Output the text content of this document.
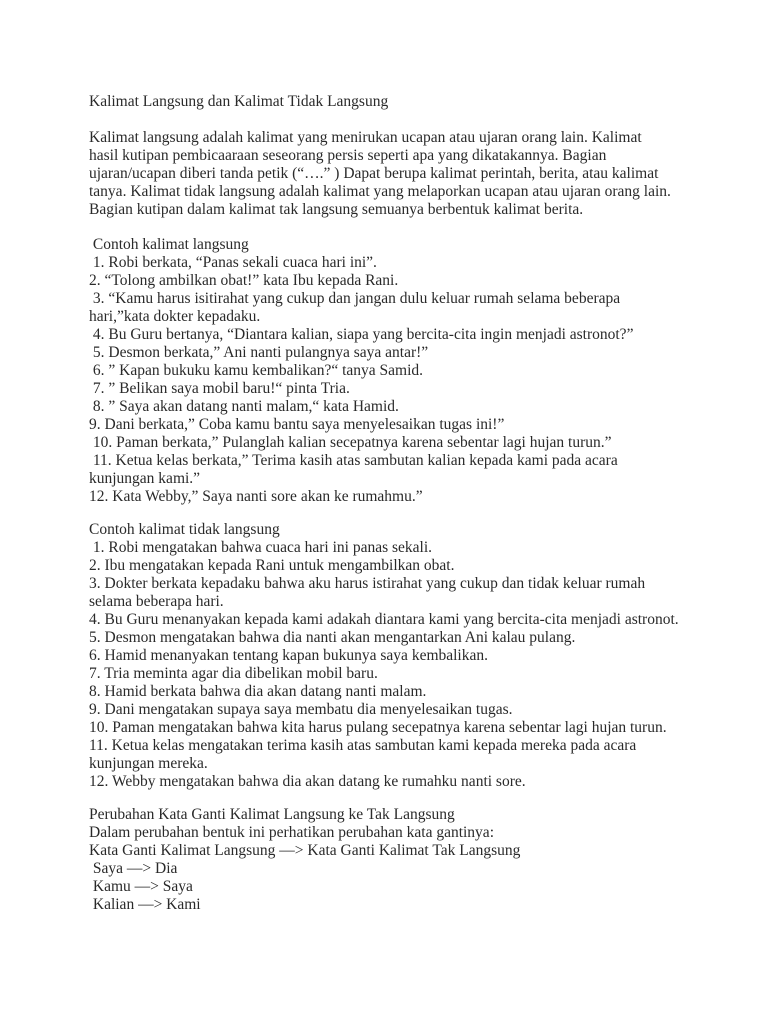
Kalimat Langsung dan Kalimat Tidak Langsung

Kalimat langsung adalah kalimat yang menirukan ucapan atau ujaran orang lain. Kalimat hasil kutipan pembicaaraan seseorang persis seperti apa yang dikatakannya. Bagian ujaran/ucapan diberi tanda petik (“….” ) Dapat berupa kalimat perintah, berita, atau kalimat tanya. Kalimat tidak langsung adalah kalimat yang melaporkan ucapan atau ujaran orang lain. Bagian kutipan dalam kalimat tak langsung semuanya berbentuk kalimat berita.

Contoh kalimat langsung

1. Robi berkata, “Panas sekali cuaca hari ini”.
2. “Tolong ambilkan obat!” kata Ibu kepada Rani.
3. “Kamu harus isitirahat yang cukup dan jangan dulu keluar rumah selama beberapa hari,”kata dokter kepadaku.
4. Bu Guru bertanya, “Diantara kalian, siapa yang bercita-cita ingin menjadi astronot?”
5. Desmon berkata,” Ani nanti pulangnya saya antar!”
6. ” Kapan bukuku kamu kembalikan?“ tanya Samid.
7. ” Belikan saya mobil baru!“ pinta Tria.
8. ” Saya akan datang nanti malam,“ kata Hamid.
9. Dani berkata,” Coba kamu bantu saya menyelesaikan tugas ini!”
10. Paman berkata,” Pulanglah kalian secepatnya karena sebentar lagi hujan turun.”
11. Ketua kelas berkata,” Terima kasih atas sambutan kalian kepada kami pada acara kunjungan kami.”
12. Kata Webby,” Saya nanti sore akan ke rumahmu.”

Contoh kalimat tidak langsung

1. Robi mengatakan bahwa cuaca hari ini panas sekali.
2. Ibu mengatakan kepada Rani untuk mengambilkan obat.
3. Dokter berkata kepadaku bahwa aku harus istirahat yang cukup dan tidak keluar rumah selama beberapa hari.
4. Bu Guru menanyakan kepada kami adakah diantara kami yang bercita-cita menjadi astronot.
5. Desmon mengatakan bahwa dia nanti akan mengantarkan Ani kalau pulang.
6. Hamid menanyakan tentang kapan bukunya saya kembalikan.
7. Tria meminta agar dia dibelikan mobil baru.
8. Hamid berkata bahwa dia akan datang nanti malam.
9. Dani mengatakan supaya saya membatu dia menyelesaikan tugas.
10. Paman mengatakan bahwa kita harus pulang secepatnya karena sebentar lagi hujan turun.
11. Ketua kelas mengatakan terima kasih atas sambutan kami kepada mereka pada acara kunjungan mereka.
12. Webby mengatakan bahwa dia akan datang ke rumahku nanti sore.

Perubahan Kata Ganti Kalimat Langsung ke Tak Langsung

Dalam perubahan bentuk ini perhatikan perubahan kata gantinya:

Kata Ganti Kalimat Langsung —> Kata Ganti Kalimat Tak Langsung

Saya —> Dia
Kamu —> Saya
Kalian —> Kami
